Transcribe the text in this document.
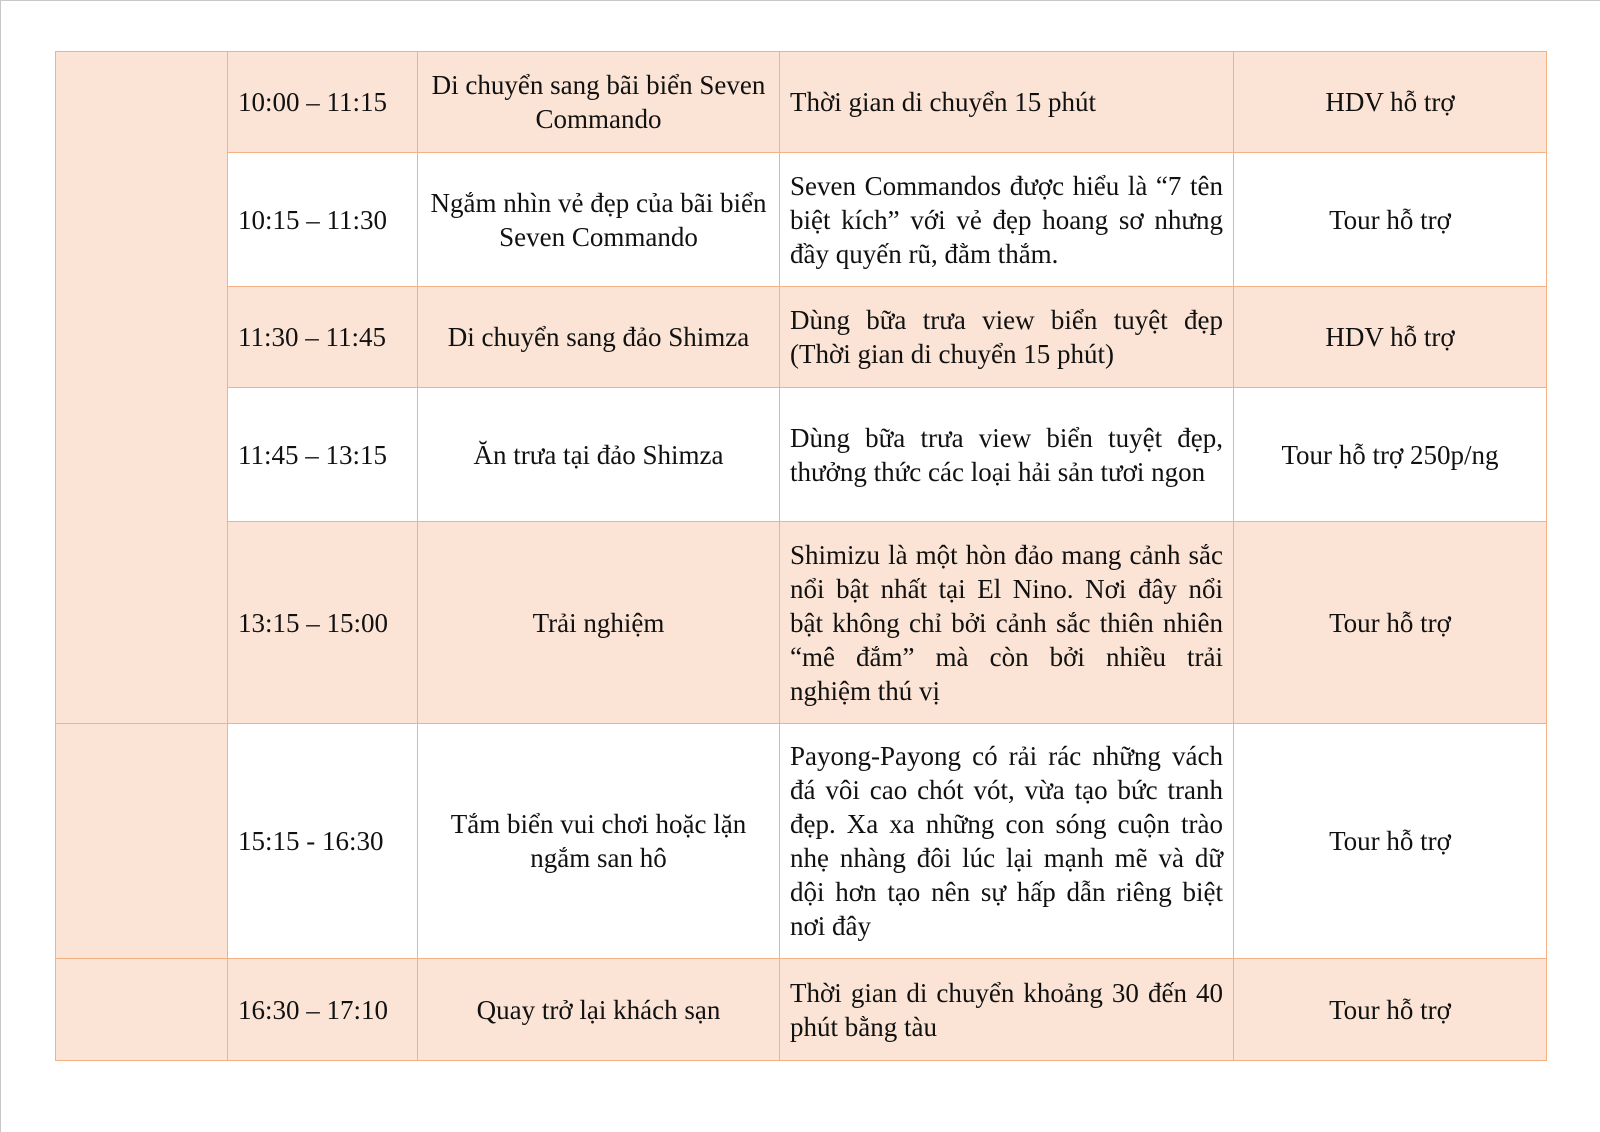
	10:00 – 11:15	Di chuyển sang bãi biển Seven Commando	Thời gian di chuyển 15 phút	HDV hỗ trợ
	10:15 – 11:30	Ngắm nhìn vẻ đẹp của bãi biển Seven Commando	Seven Commandos được hiểu là “7 tên biệt kích” với vẻ đẹp hoang sơ nhưng đầy quyến rũ, đằm thắm.	Tour hỗ trợ
	11:30 – 11:45	Di chuyển sang đảo Shimza	Dùng bữa trưa view biển tuyệt đẹp (Thời gian di chuyển 15 phút)	HDV hỗ trợ
	11:45 – 13:15	Ăn trưa tại đảo Shimza	Dùng bữa trưa view biển tuyệt đẹp, thưởng thức các loại hải sản tươi ngon	Tour hỗ trợ 250p/ng
	13:15 – 15:00	Trải nghiệm	Shimizu là một hòn đảo mang cảnh sắc nổi bật nhất tại El Nino. Nơi đây nổi bật không chỉ bởi cảnh sắc thiên nhiên “mê đắm” mà còn bởi nhiều trải nghiệm thú vị	Tour hỗ trợ
	15:15 - 16:30	Tắm biển vui chơi hoặc lặn ngắm san hô	Payong-Payong có rải rác những vách đá vôi cao chót vót, vừa tạo bức tranh đẹp. Xa xa những con sóng cuộn trào nhẹ nhàng đôi lúc lại mạnh mẽ và dữ dội hơn tạo nên sự hấp dẫn riêng biệt nơi đây	Tour hỗ trợ
	16:30 – 17:10	Quay trở lại khách sạn	Thời gian di chuyển khoảng 30 đến 40 phút bằng tàu	Tour hỗ trợ
